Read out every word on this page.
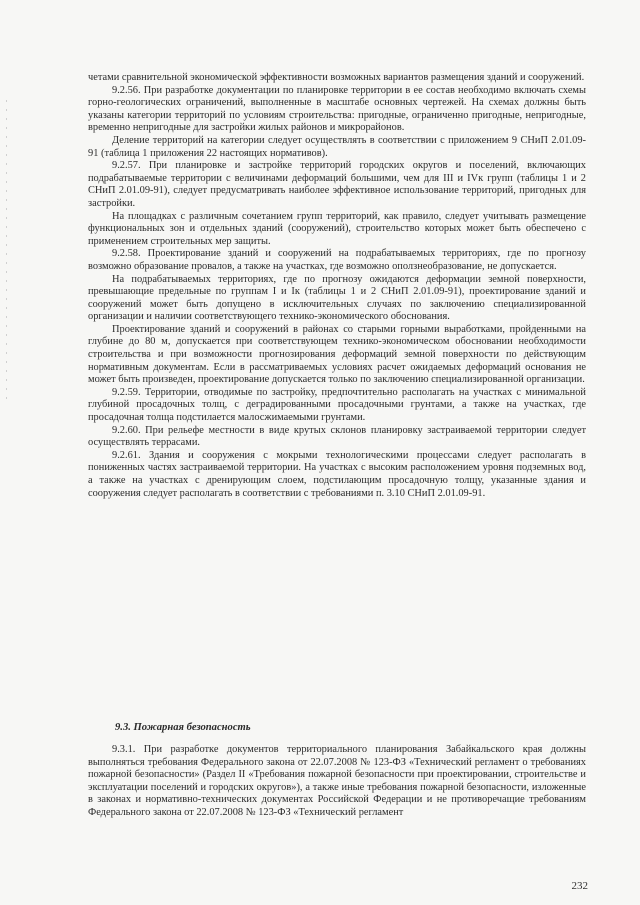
четами сравнительной экономической эффективности возможных вариантов размещения зданий и сооружений.

9.2.56. При разработке документации по планировке территории в ее состав необходимо включать схемы горно-геологических ограничений, выполненные в масштабе основных чертежей. На схемах должны быть указаны категории территорий по условиям строительства: пригодные, ограниченно пригодные, непригодные, временно непригодные для застройки жилых районов и микрорайонов.

Деление территорий на категории следует осуществлять в соответствии с приложением 9 СНиП 2.01.09-91 (таблица 1 приложения 22 настоящих нормативов).

9.2.57. При планировке и застройке территорий городских округов и поселений, включающих подрабатываемые территории с величинами деформаций большими, чем для III и IVк групп (таблицы 1 и 2 СНиП 2.01.09-91), следует предусматривать наиболее эффективное использование территорий, пригодных для застройки.

На площадках с различным сочетанием групп территорий, как правило, следует учитывать размещение функциональных зон и отдельных зданий (сооружений), строительство которых может быть обеспечено с применением строительных мер защиты.

9.2.58. Проектирование зданий и сооружений на подрабатываемых территориях, где по прогнозу возможно образование провалов, а также на участках, где возможно оползнеобразование, не допускается.

На подрабатываемых территориях, где по прогнозу ожидаются деформации земной поверхности, превышающие предельные по группам I и Iк (таблицы 1 и 2 СНиП 2.01.09-91), проектирование зданий и сооружений может быть допущено в исключительных случаях по заключению специализированной организации и наличии соответствующего технико-экономического обоснования.

Проектирование зданий и сооружений в районах со старыми горными выработками, пройденными на глубине до 80 м, допускается при соответствующем технико-экономическом обосновании необходимости строительства и при возможности прогнозирования деформаций земной поверхности по действующим нормативным документам. Если в рассматриваемых условиях расчет ожидаемых деформаций основания не может быть произведен, проектирование допускается только по заключению специализированной организации.

9.2.59. Территории, отводимые по застройку, предпочтительно располагать на участках с минимальной глубиной просадочных толщ, с деградированными просадочными грунтами, а также на участках, где просадочная толща подстилается малосжимаемыми грунтами.

9.2.60. При рельефе местности в виде крутых склонов планировку застраиваемой территории следует осуществлять террасами.

9.2.61. Здания и сооружения с мокрыми технологическими процессами следует располагать в пониженных частях застраиваемой территории. На участках с высоким расположением уровня подземных вод, а также на участках с дренирующим слоем, подстилающим просадочную толщу, указанные здания и сооружения следует располагать в соответствии с требованиями п. 3.10 СНиП 2.01.09-91.

9.3. Пожарная безопасность

9.3.1. При разработке документов территориального планирования Забайкальского края должны выполняться требования Федерального закона от 22.07.2008 № 123-ФЗ «Технический регламент о требованиях пожарной безопасности» (Раздел II «Требования пожарной безопасности при проектировании, строительстве и эксплуатации поселений и городских округов»), а также иные требования пожарной безопасности, изложенные в законах и нормативно-технических документах Российской Федерации и не противоречащие требованиям Федерального закона от 22.07.2008 № 123-ФЗ «Технический регламент

232
